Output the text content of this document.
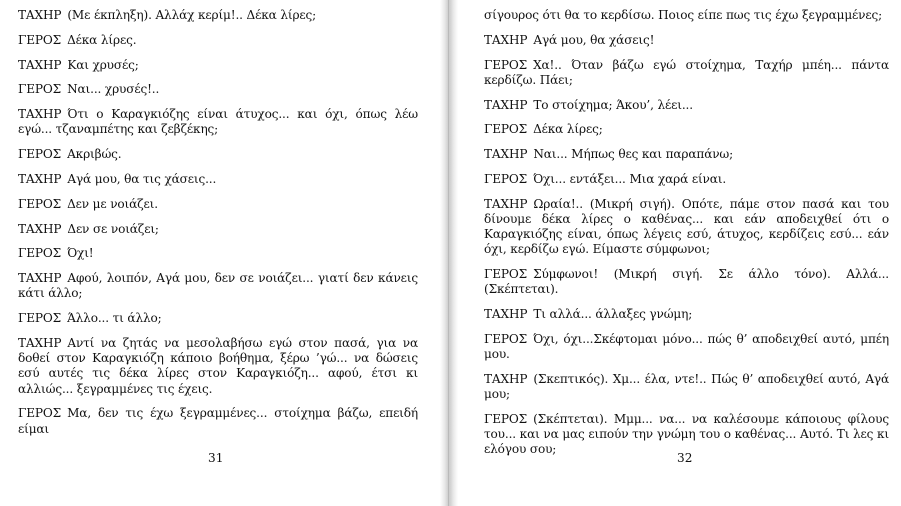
ΤΑΧΗΡ (Με έκπληξη). Αλλάχ κερίμ!.. Δέκα λίρες;

ΓΕΡΟΣ Δέκα λίρες.

ΤΑΧΗΡ Και χρυσές;

ΓΕΡΟΣ Ναι... χρυσές!..

ΤΑΧΗΡ Ότι ο Καραγκιόζης είναι άτυχος... και όχι, όπως λέω εγώ... τζαναμπέτης και ζεβζέκης;

ΓΕΡΟΣ Ακριβώς.

ΤΑΧΗΡ Αγά μου, θα τις χάσεις...

ΓΕΡΟΣ Δεν με νοιάζει.

ΤΑΧΗΡ Δεν σε νοιάζει;

ΓΕΡΟΣ Όχι!

ΤΑΧΗΡ Αφού, λοιπόν, Αγά μου, δεν σε νοιάζει... γιατί δεν κάνεις κάτι άλλο;

ΓΕΡΟΣ Άλλο... τι άλλο;

ΤΑΧΗΡ Αντί να ζητάς να μεσολαβήσω εγώ στον πασά, για να δοθεί στον Καραγκιόζη κάποιο βοήθημα, ξέρω ’γώ... να δώσεις εσύ αυτές τις δέκα λίρες στον Καραγκιόζη... αφού, έτσι κι αλλιώς... ξεγραμμένες τις έχεις.

ΓΕΡΟΣ Μα, δεν τις έχω ξεγραμμένες... στοίχημα βάζω, επειδή είμαι

31

σίγουρος ότι θα το κερδίσω. Ποιος είπε πως τις έχω ξεγραμμένες;

ΤΑΧΗΡ Αγά μου, θα χάσεις!

ΓΕΡΟΣ Χα!.. Όταν βάζω εγώ στοίχημα, Ταχήρ μπέη... πάντα κερδίζω. Πάει;

ΤΑΧΗΡ Το στοίχημα; Άκου’, λέει...

ΓΕΡΟΣ Δέκα λίρες;

ΤΑΧΗΡ Ναι... Μήπως θες και παραπάνω;

ΓΕΡΟΣ Όχι... εντάξει... Μια χαρά είναι.

ΤΑΧΗΡ Ωραία!.. (Μικρή σιγή). Οπότε, πάμε στον πασά και του δίνουμε δέκα λίρες ο καθένας... και εάν αποδειχθεί ότι ο Καραγκιόζης είναι, όπως λέγεις εσύ, άτυχος, κερδίζεις εσύ... εάν όχι, κερδίζω εγώ. Είμαστε σύμφωνοι;

ΓΕΡΟΣ Σύμφωνοι! (Μικρή σιγή. Σε άλλο τόνο). Αλλά... (Σκέπτεται).

ΤΑΧΗΡ Τι αλλά... άλλαξες γνώμη;

ΓΕΡΟΣ Όχι, όχι...Σκέφτομαι μόνο... πώς θ’ αποδειχθεί αυτό, μπέη μου.

ΤΑΧΗΡ (Σκεπτικός). Χμ... έλα, ντε!.. Πώς θ’ αποδειχθεί αυτό, Αγά μου;

ΓΕΡΟΣ (Σκέπτεται). Μμμ... να... να καλέσουμε κάποιους φίλους του... και να μας ειπούν την γνώμη του ο καθένας... Αυτό. Τι λες κι ελόγου σου;

32
